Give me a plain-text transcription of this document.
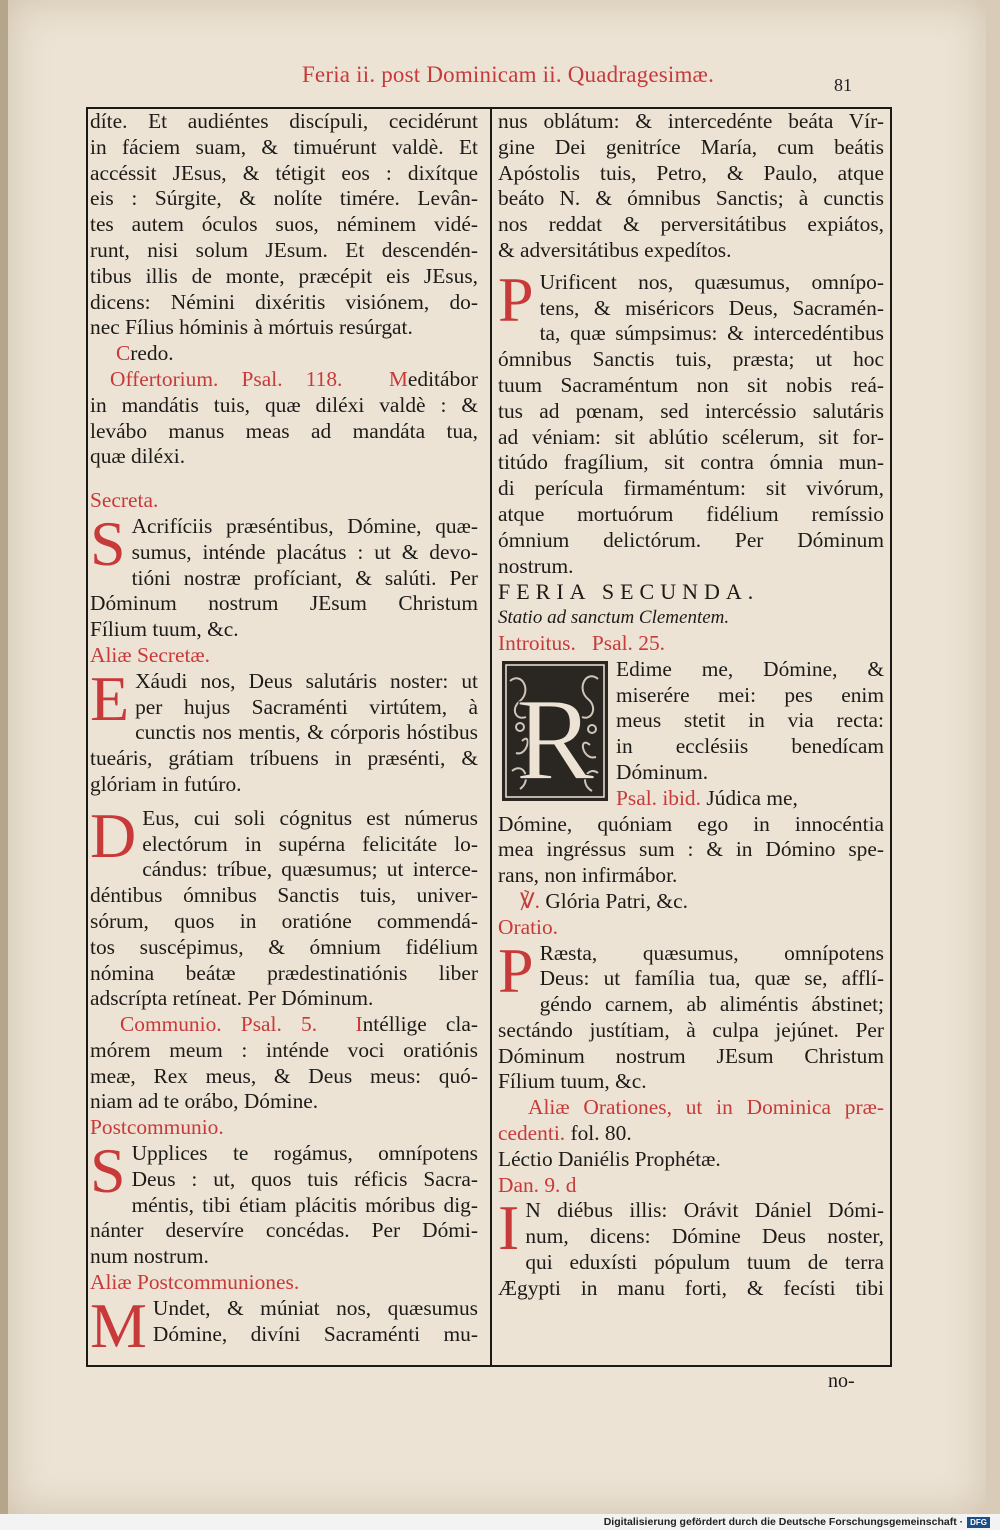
Feria ii. post Dominicam ii. Quadragesimæ.	81

díte. Et audiéntes discípuli, cecidérunt

in fáciem suam, & timuérunt valdè. Et

accéssit JEsus, & tétigit eos : dixítque

eis : Súrgite, & nolíte timére. Levân-

tes autem óculos suos, néminem vidé-

runt, nisi solum JEsum. Et descendén-

tibus illis de monte, præcépit eis JEsus,

dicens: Némini dixéritis visiónem, do-

nec Fílius hóminis à mórtuis resúrgat.

Credo.

Offertorium. Psal. 118. Meditábor

in mandátis tuis, quæ diléxi valdè : &

levábo manus meas ad mandáta tua,

quæ diléxi.

Secreta.

S Acrifíciis præséntibus, Dómine, quæ-

sumus, inténde placátus : ut & devo-

tióni nostræ profíciant, & salúti. Per

Dóminum nostrum JEsum Christum

Fílium tuum, &c.

Aliæ Secretæ.

E Xáudi nos, Deus salutáris noster: ut

per hujus Sacraménti virtútem, à

cunctis nos mentis, & córporis hóstibus

tueáris, grátiam tríbuens in præsénti, &

glóriam in futúro.

D Eus, cui soli cógnitus est númerus

electórum in supérna felicitáte lo-

cándus: tríbue, quæsumus; ut interce-

déntibus ómnibus Sanctis tuis, univer-

sórum, quos in oratióne commendá-

tos suscépimus, & ómnium fidélium

nómina beátæ prædestinatiónis liber

adscrípta retíneat. Per Dóminum.

Communio. Psal. 5. Intéllige cla-

mórem meum : inténde voci oratiónis

meæ, Rex meus, & Deus meus: quó-

niam ad te orábo, Dómine.

Postcommunio.

S Upplices te rogámus, omnípotens

Deus : ut, quos tuis réficis Sacra-

méntis, tibi étiam plácitis móribus dig-

nánter deservíre concédas. Per Dómi-

num nostrum.

Aliæ Postcommuniones.

M Undet, & múniat nos, quæsumus

Dómine, divíni Sacraménti mu-

nus oblátum: & intercedénte beáta Vír-

gine Dei genitríce María, cum beátis

Apóstolis tuis, Petro, & Paulo, atque

beáto N. & ómnibus Sanctis; à cunctis

nos reddat & perversitátibus expiátos,

& adversitátibus expedítos.

P Urificent nos, quæsumus, omnípo-

tens, & miséricors Deus, Sacramén-

ta, quæ súmpsimus: & intercedéntibus

ómnibus Sanctis tuis, præsta; ut hoc

tuum Sacraméntum non sit nobis reá-

tus ad pœnam, sed intercéssio salutáris

ad véniam: sit ablútio scélerum, sit for-

titúdo fragílium, sit contra ómnia mun-

di perícula firmaméntum: sit vivórum,

atque mortuórum fidélium remíssio

ómnium delictórum. Per Dóminum

nostrum.

FERIA SECUNDA.

Statio ad sanctum Clementem.

Introitus. Psal. 25.

R

Edime me, Dómine, &

miserére mei: pes enim

meus stetit in via recta:

in ecclésiis benedícam

Dóminum.

Psal. ibid. Júdica me,

Dómine, quóniam ego in innocéntia

mea ingréssus sum : & in Dómino spe-

rans, non infirmábor.

℣. Glória Patri, &c.

Oratio.

P Ræsta, quæsumus, omnípotens

Deus: ut família tua, quæ se, afflí-

géndo carnem, ab aliméntis ábstinet;

sectándo justítiam, à culpa jejúnet. Per

Dóminum nostrum JEsum Christum

Fílium tuum, &c.

Aliæ Orationes, ut in Dominica præ-

cedenti. fol. 80.

Léctio Daniélis Prophétæ.

Dan. 9. d

I N diébus illis: Orávit Dániel Dómi-

num, dicens: Dómine Deus noster,

qui eduxísti pópulum tuum de terra

Ægypti in manu forti, & fecísti tibi

no-
Digitalisierung gefördert durch die Deutsche Forschungsgemeinschaft · DFG
